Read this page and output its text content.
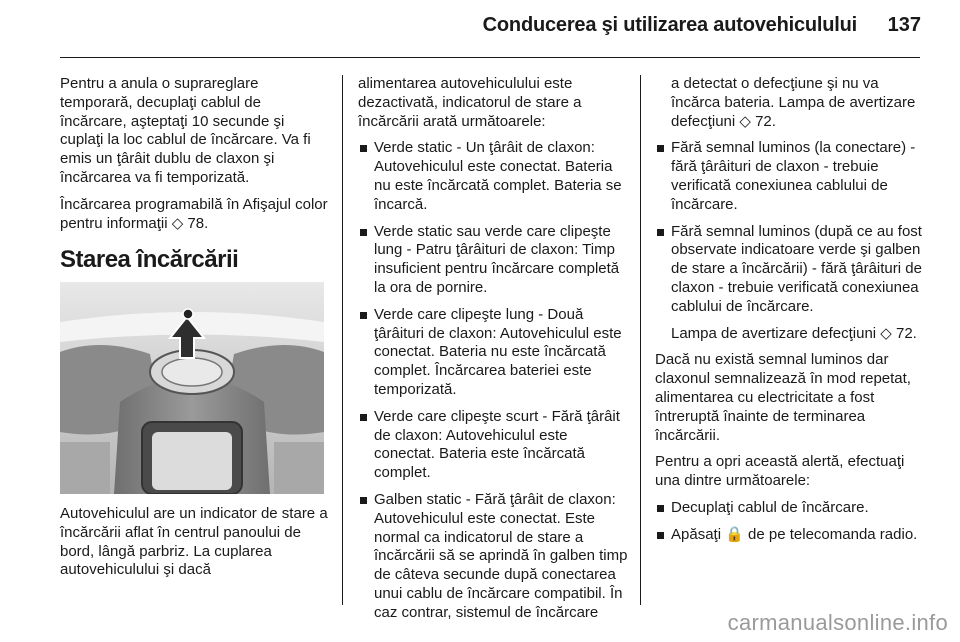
Conducerea şi utilizarea autovehiculului 137

Pentru a anula o suprareglare temporară, decuplaţi cablul de încărcare, aşteptaţi 10 secunde şi cuplaţi la loc cablul de încărcare. Va fi emis un ţârâit dublu de claxon şi încărcarea va fi temporizată.

Încărcarea programabilă în Afişajul color pentru informaţii ◇ 78.

Starea încărcării

Autovehiculul are un indicator de stare a încărcării aflat în centrul panoului de bord, lângă parbriz. La cuplarea autovehiculului şi dacă

alimentarea autovehiculului este dezactivată, indicatorul de stare a încărcării arată următoarele:

Verde static - Un ţârâit de claxon: Autovehiculul este conectat. Bateria nu este încărcată complet. Bateria se încarcă.
Verde static sau verde care clipeşte lung - Patru ţârâituri de claxon: Timp insuficient pentru încărcare completă la ora de pornire.
Verde care clipeşte lung - Două ţârâituri de claxon: Autovehiculul este conectat. Bateria nu este încărcată complet. Încărcarea bateriei este temporizată.
Verde care clipeşte scurt - Fără ţârâit de claxon: Autovehiculul este conectat. Bateria este încărcată complet.
Galben static - Fără ţârâit de claxon: Autovehiculul este conectat. Este normal ca indicatorul de stare a încărcării să se aprindă în galben timp de câteva secunde după conectarea unui cablu de încărcare compatibil. În caz contrar, sistemul de încărcare
a detectat o defecţiune şi nu va încărca bateria. Lampa de avertizare defecţiuni ◇ 72.
Fără semnal luminos (la conectare) - fără ţârâituri de claxon - trebuie verificată conexiunea cablului de încărcare.
Fără semnal luminos (după ce au fost observate indicatoare verde şi galben de stare a încărcării) - fără ţârâituri de claxon - trebuie verificată conexiunea cablului de încărcare.
Lampa de avertizare defecţiuni ◇ 72.

Dacă nu există semnal luminos dar claxonul semnalizează în mod repetat, alimentarea cu electricitate a fost întreruptă înainte de terminarea încărcării.

Pentru a opri această alertă, efectuaţi una dintre următoarele:

Decuplaţi cablul de încărcare.
Apăsaţi 🔒 de pe telecomanda radio.
carmanualsonline.info
